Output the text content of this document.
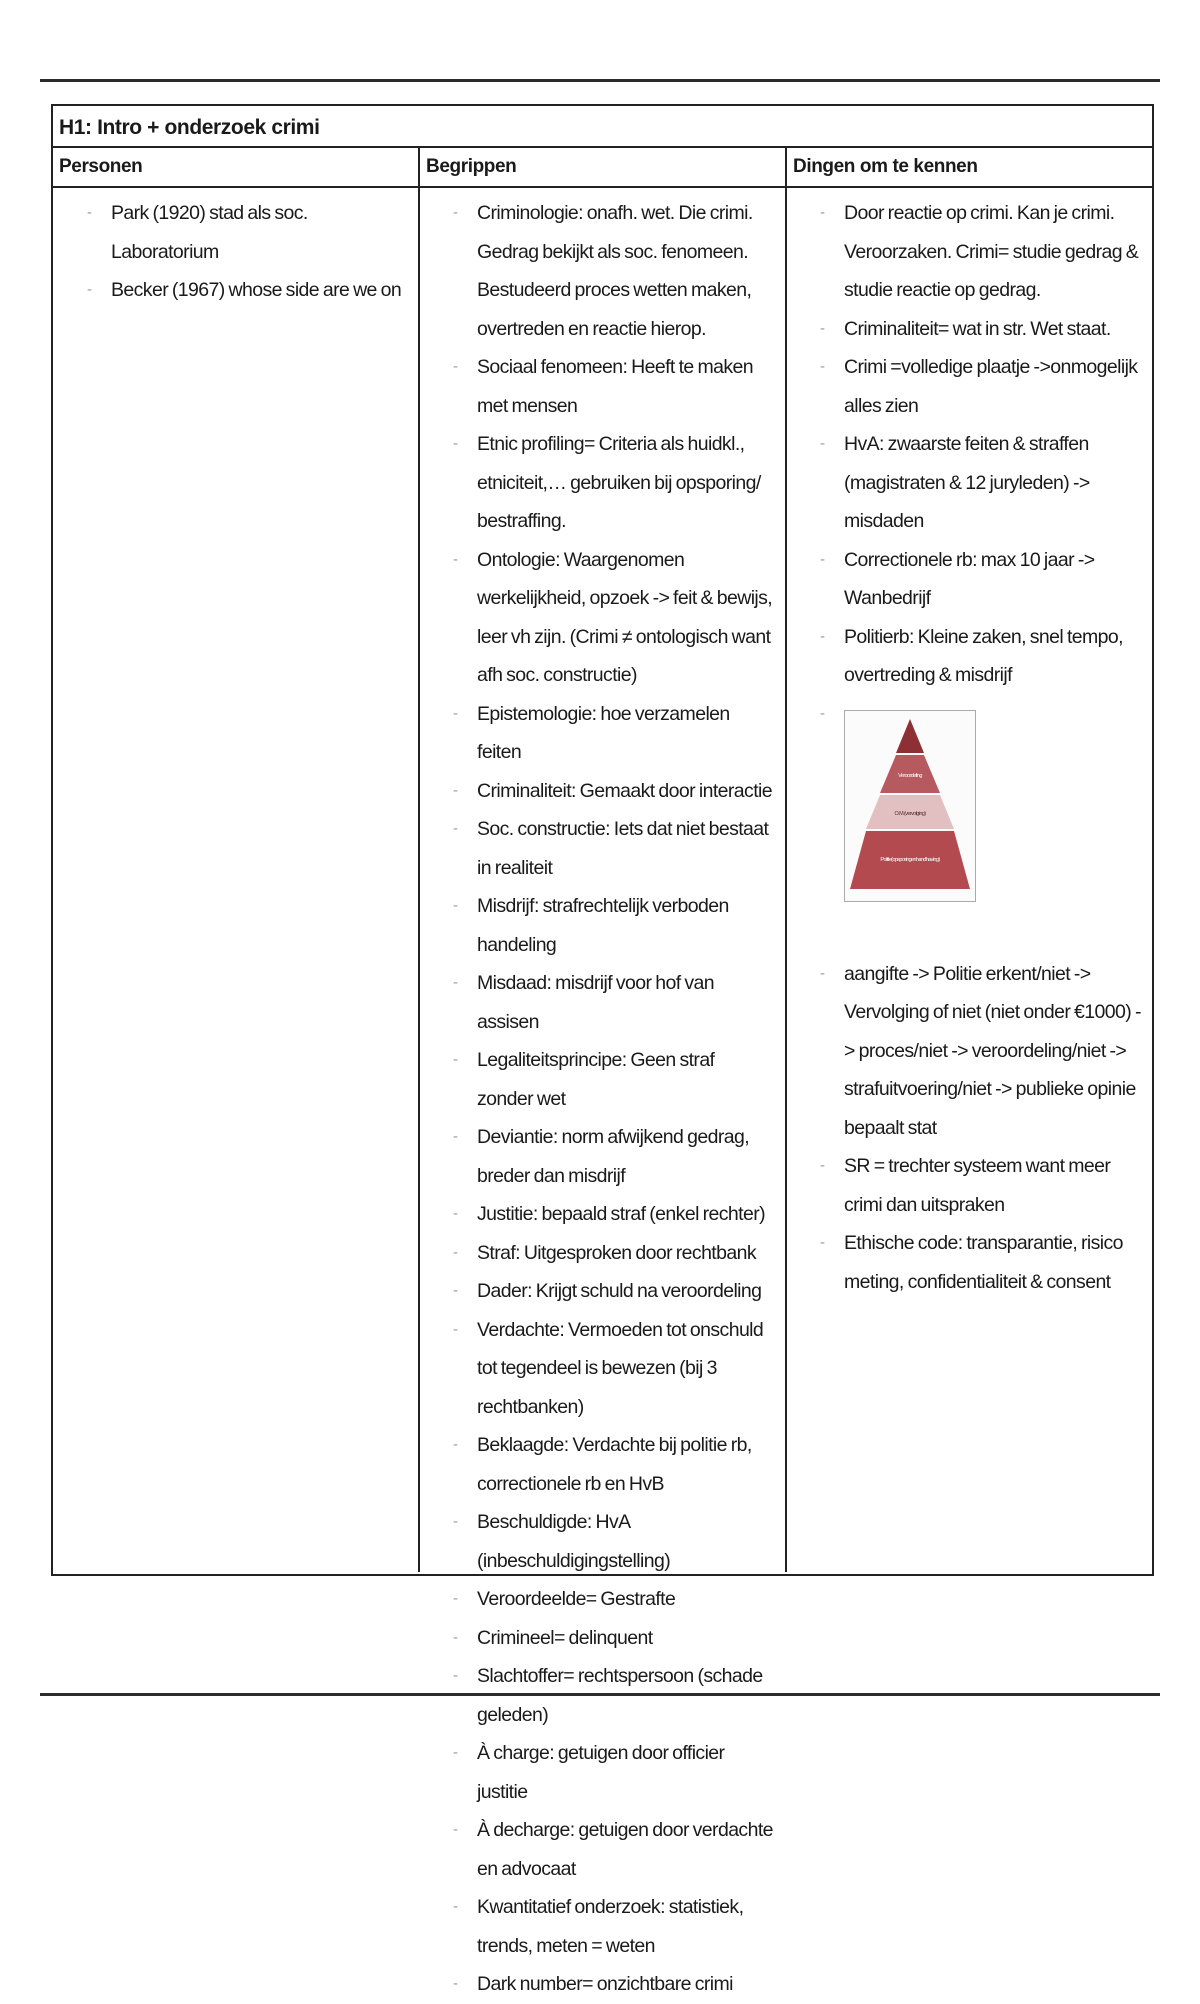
H1: Intro + onderzoek crimi
Personen	Begrippen	Dingen om te kennen
- Park (1920) stad als soc. Laboratorium
- Becker (1967) whose side are we on
- Criminologie: onafh. wet. Die crimi. Gedrag bekijkt als soc. fenomeen. Bestudeerd proces wetten maken, overtreden en reactie hierop.
- Sociaal fenomeen: Heeft te maken met mensen
- Etnic profiling= Criteria als huidkl., etniciteit,… gebruiken bij opsporing/ bestraffing.
- Ontologie: Waargenomen werkelijkheid, opzoek -> feit & bewijs, leer vh zijn. (Crimi ≠ ontologisch want afh soc. constructie)
- Epistemologie: hoe verzamelen feiten
- Criminaliteit: Gemaakt door interactie
- Soc. constructie: Iets dat niet bestaat in realiteit
- Misdrijf: strafrechtelijk verboden handeling
- Misdaad: misdrijf voor hof van assisen
- Legaliteitsprincipe: Geen straf zonder wet
- Deviantie: norm afwijkend gedrag, breder dan misdrijf
- Justitie: bepaald straf (enkel rechter)
- Straf: Uitgesproken door rechtbank
- Dader: Krijgt schuld na veroordeling
- Verdachte: Vermoeden tot onschuld tot tegendeel is bewezen (bij 3 rechtbanken)
- Beklaagde: Verdachte bij politie rb, correctionele rb en HvB
- Beschuldigde: HvA (inbeschuldigingstelling)
- Veroordeelde= Gestrafte
- Crimineel= delinquent
- Slachtoffer= rechtspersoon (schade geleden)
- À charge: getuigen door officier justitie
- À decharge: getuigen door verdachte en advocaat
- Kwantitatief onderzoek: statistiek, trends, meten = weten
- Dark number= onzichtbare crimi
- Door reactie op crimi. Kan je crimi. Veroorzaken. Crimi= studie gedrag & studie reactie op gedrag.
- Criminaliteit= wat in str. Wet staat.
- Crimi =volledige plaatje ->onmogelijk alles zien
- HvA: zwaarste feiten & straffen (magistraten & 12 juryleden) -> misdaden
- Correctionele rb: max 10 jaar -> Wanbedrijf
- Politierb: Kleine zaken, snel tempo, overtreding & misdrijf
- Veroordeling
O.M. (vervolging)
Politie (opsporing en handhaving)
- aangifte -> Politie erkent/niet -> Vervolging of niet (niet onder €1000) -> proces/niet -> veroordeling/niet -> strafuitvoering/niet -> publieke opinie bepaalt stat
- SR = trechter systeem want meer crimi dan uitspraken
- Ethische code: transparantie, risico meting, confidentialiteit & consent
